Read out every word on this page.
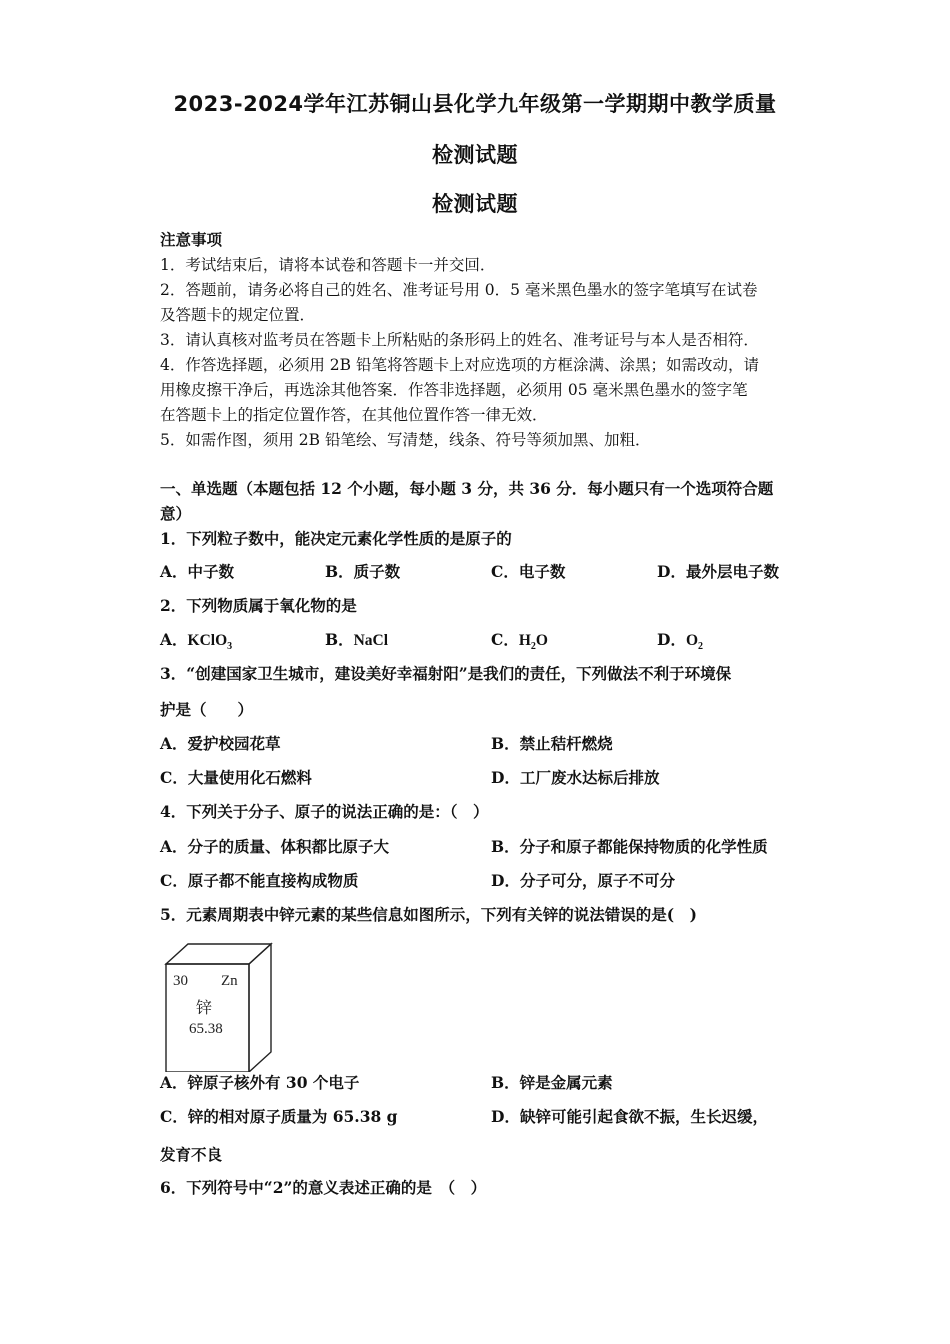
2023-2024学年江苏铜山县化学九年级第一学期期中教学质量
检测试题
检测试题
注意事项
1．考试结束后，请将本试卷和答题卡一并交回．
2．答题前，请务必将自己的姓名、准考证号用 0．5 毫米黑色墨水的签字笔填写在试卷
及答题卡的规定位置．
3．请认真核对监考员在答题卡上所粘贴的条形码上的姓名、准考证号与本人是否相符．
4．作答选择题，必须用 2B 铅笔将答题卡上对应选项的方框涂满、涂黑；如需改动，请
用橡皮擦干净后，再选涂其他答案．作答非选择题，必须用 05 毫米黑色墨水的签字笔
在答题卡上的指定位置作答，在其他位置作答一律无效．
5．如需作图，须用 2B 铅笔绘、写清楚，线条、符号等须加黑、加粗．
一、单选题（本题包括 12 个小题，每小题 3 分，共 36 分．每小题只有一个选项符合题
意）
1．下列粒子数中，能决定元素化学性质的是原子的
A．中子数	B．质子数	C．电子数	D．最外层电子数
2．下列物质属于氧化物的是
A．KClO$_3$	B．NaCl	C．$H_2O$	D．$O_2$
3．“创建国家卫生城市，建设美好幸福射阳”是我们的责任，下列做法不利于环境保
护是（　　）
A．爱护校园花草	B．禁止秸杆燃烧
C．大量使用化石燃料	D．工厂废水达标后排放
4．下列关于分子、原子的说法正确的是：（　）
A．分子的质量、体积都比原子大	B．分子和原子都能保持物质的化学性质
C．原子都不能直接构成物质	D．分子可分，原子不可分
5．元素周期表中锌元素的某些信息如图所示，下列有关锌的说法错误的是(　)
30 Zn
锌
65.38
A．锌原子核外有 30 个电子	B．锌是金属元素
C．锌的相对原子质量为 65.38 g	D．缺锌可能引起食欲不振，生长迟缓，
发育不良
6．下列符号中“2”的意义表述正确的是　（　）
